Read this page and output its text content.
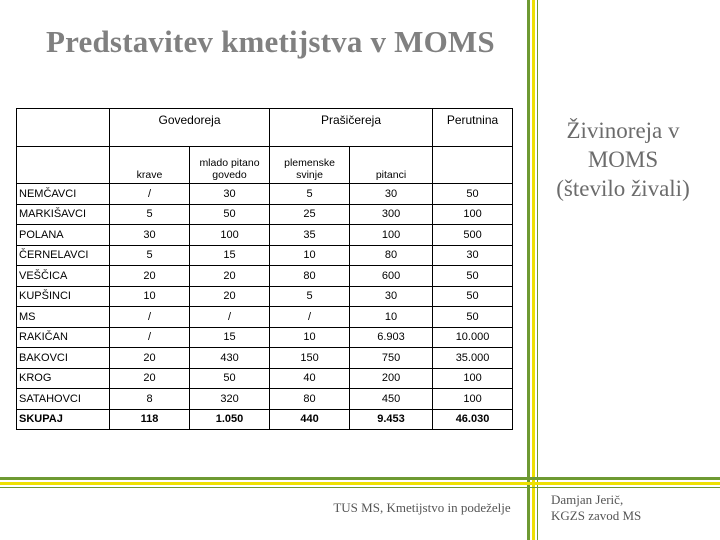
Predstavitev kmetijstva v MOMS
	Govedoreja		Prašičereja		Perutnina
	krave	mlado pitano govedo	plemenske svinje	pitanci	
NEMČAVCI	/	30	5	30	50
MARKIŠAVCI	5	50	25	300	100
POLANA	30	100	35	100	500
ČERNELAVCI	5	15	10	80	30
VEŠČICA	20	20	80	600	50
KUPŠINCI	10	20	5	30	50
MS	/	/	/	10	50
RAKIČAN	/	15	10	6.903	10.000
BAKOVCI	20	430	150	750	35.000
KROG	20	50	40	200	100
SATAHOVCI	8	320	80	450	100
SKUPAJ	118	1.050	440	9.453	46.030
Živinoreja v
MOMS
(število živali)
TUS MS, Kmetijstvo in podeželje
Damjan Jerič,
KGZS zavod MS
